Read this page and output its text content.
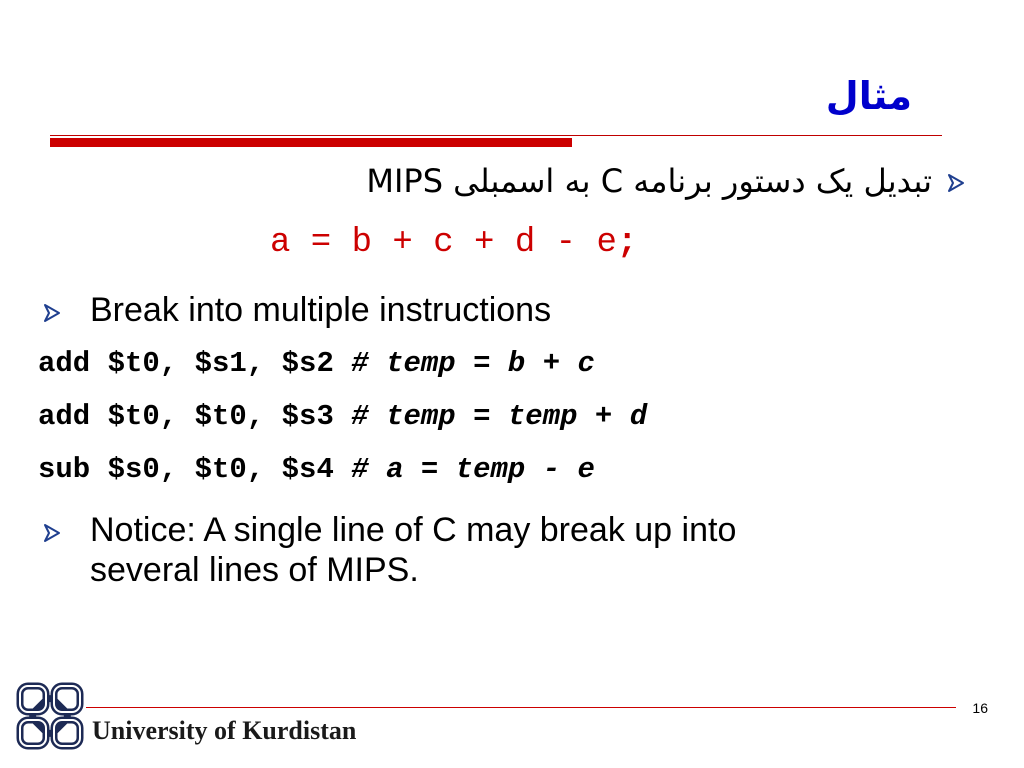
مثال
تبدیل یک دستور برنامه C به اسمبلی MIPS
a = b + c + d - e;
Break into multiple instructions
add $t0, $s1, $s2 # temp = b + c
add $t0, $t0, $s3 # temp = temp + d
sub $s0, $t0, $s4 # a = temp - e
Notice: A single line of C may break up into
several lines of MIPS.
16
University of Kurdistan
